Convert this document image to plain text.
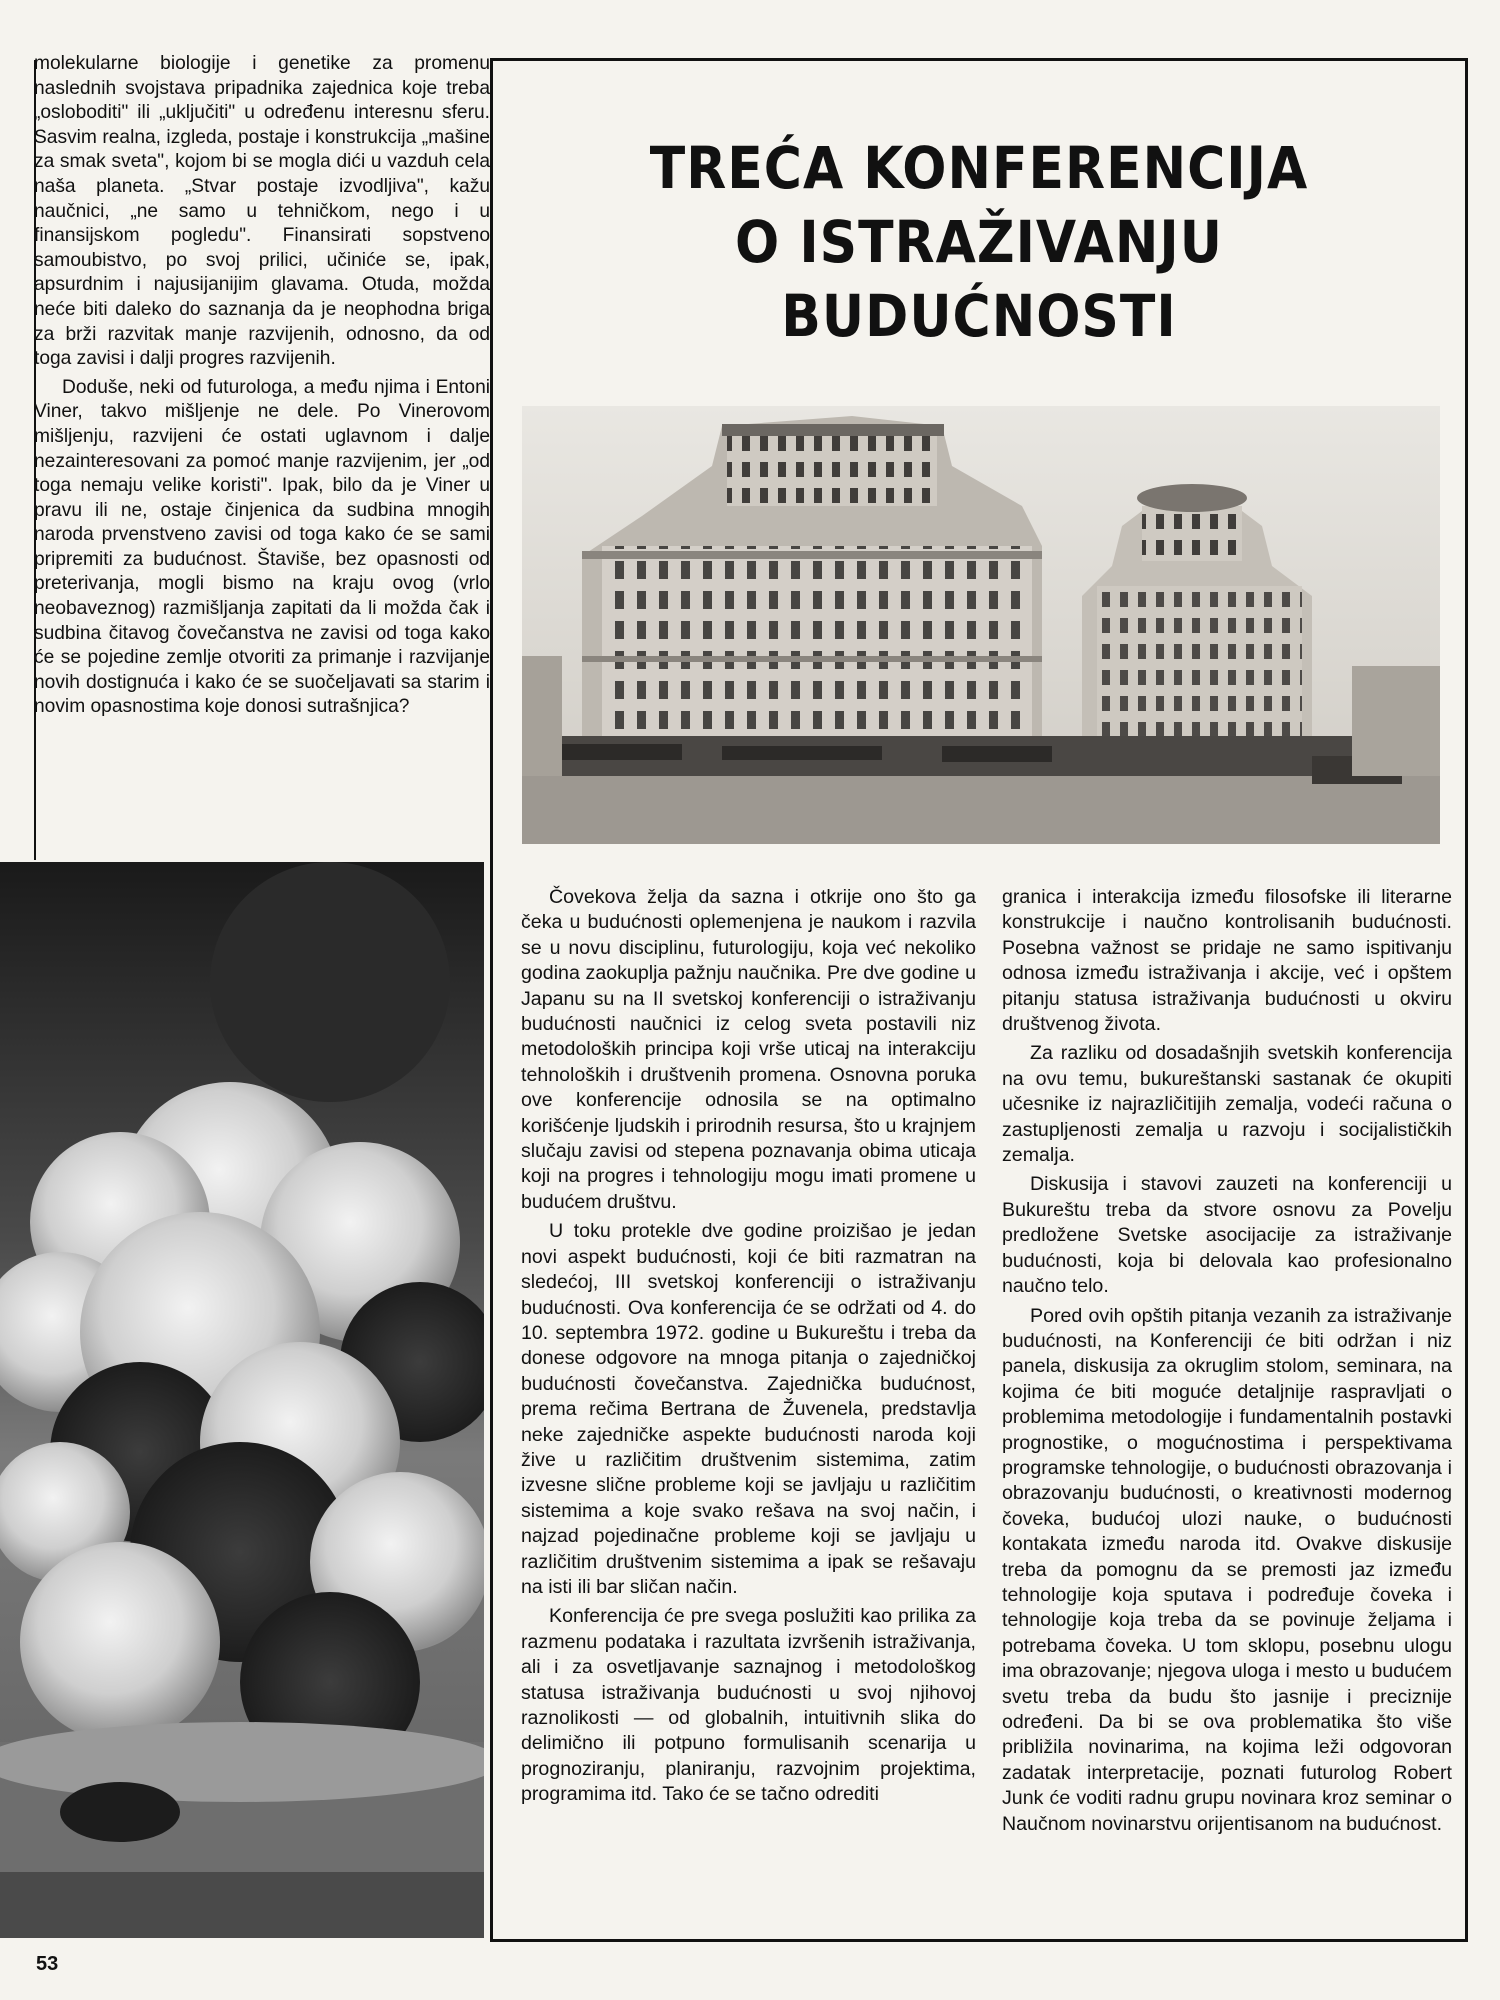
molekularne biologije i genetike za promenu naslednih svojstava pripadnika zajednica koje treba „osloboditi" ili „uključiti" u određenu interesnu sferu. Sasvim realna, izgleda, postaje i konstrukcija „mašine za smak sveta", kojom bi se mogla dići u vazduh cela naša planeta. „Stvar postaje izvodljiva", kažu naučnici, „ne samo u tehničkom, nego i u finansijskom pogledu". Finansirati sopstveno samoubistvo, po svoj prilici, učiniće se, ipak, apsurdnim i najusijanijim glavama. Otuda, možda neće biti daleko do saznanja da je neophodna briga za brži razvitak manje razvijenih, odnosno, da od toga zavisi i dalji progres razvijenih.

Doduše, neki od futurologa, a među njima i Entoni Viner, takvo mišljenje ne dele. Po Vinerovom mišljenju, razvijeni će ostati uglavnom i dalje nezainteresovani za pomoć manje razvijenim, jer „od toga nemaju velike koristi". Ipak, bilo da je Viner u pravu ili ne, ostaje činjenica da sudbina mnogih naroda prvenstveno zavisi od toga kako će se sami pripremiti za budućnost. Štaviše, bez opasnosti od preterivanja, mogli bismo na kraju ovog (vrlo neobaveznog) razmišljanja zapitati da li možda čak i sudbina čitavog čovečanstva ne zavisi od toga kako će se pojedine zemlje otvoriti za primanje i razvijanje novih dostignuća i kako će se suočeljavati sa starim i novim opasnostima koje donosi sutrašnjica?

TREĆA KONFERENCIJA
O ISTRAŽIVANJU
BUDUĆNOSTI

Čovekova želja da sazna i otkrije ono što ga čeka u budućnosti oplemenjena je naukom i razvila se u novu disciplinu, futurologiju, koja već nekoliko godina zaokuplja pažnju naučnika. Pre dve godine u Japanu su na II svetskoj konferenciji o istraživanju budućnosti naučnici iz celog sveta postavili niz metodoloških principa koji vrše uticaj na interakciju tehnoloških i društvenih promena. Osnovna poruka ove konferencije odnosila se na optimalno korišćenje ljudskih i prirodnih resursa, što u krajnjem slučaju zavisi od stepena poznavanja obima uticaja koji na progres i tehnologiju mogu imati promene u budućem društvu.

U toku protekle dve godine proizišao je jedan novi aspekt budućnosti, koji će biti razmatran na sledećoj, III svetskoj konferenciji o istraživanju budućnosti. Ova konferencija će se održati od 4. do 10. septembra 1972. godine u Bukureštu i treba da donese odgovore na mnoga pitanja o zajedničkoj budućnosti čovečanstva. Zajednička budućnost, prema rečima Bertrana de Žuvenela, predstavlja neke zajedničke aspekte budućnosti naroda koji žive u različitim društvenim sistemima, zatim izvesne slične probleme koji se javljaju u različitim sistemima a koje svako rešava na svoj način, i najzad pojedinačne probleme koji se javljaju u različitim društvenim sistemima a ipak se rešavaju na isti ili bar sličan način.

Konferencija će pre svega poslužiti kao prilika za razmenu podataka i razultata izvršenih istraživanja, ali i za osvetljavanje saznajnog i metodološkog statusa istraživanja budućnosti u svoj njihovoj raznolikosti — od globalnih, intuitivnih slika do delimično ili potpuno formulisanih scenarija u prognoziranju, planiranju, razvojnim projektima, programima itd. Tako će se tačno odrediti

granica i interakcija između filosofske ili literarne konstrukcije i naučno kontrolisanih budućnosti. Posebna važnost se pridaje ne samo ispitivanju odnosa između istraživanja i akcije, već i opštem pitanju statusa istraživanja budućnosti u okviru društvenog života.

Za razliku od dosadašnjih svetskih konferencija na ovu temu, bukureštanski sastanak će okupiti učesnike iz najrazličitijih zemalja, vodeći računa o zastupljenosti zemalja u razvoju i socijalističkih zemalja.

Diskusija i stavovi zauzeti na konferenciji u Bukureštu treba da stvore osnovu za Povelju predložene Svetske asocijacije za istraživanje budućnosti, koja bi delovala kao profesionalno naučno telo.

Pored ovih opštih pitanja vezanih za istraživanje budućnosti, na Konferenciji će biti održan i niz panela, diskusija za okruglim stolom, seminara, na kojima će biti moguće detaljnije raspravljati o problemima metodologije i fundamentalnih postavki prognostike, o mogućnostima i perspektivama programske tehnologije, o budućnosti obrazovanja i obrazovanju budućnosti, o kreativnosti modernog čoveka, budućoj ulozi nauke, o budućnosti kontakata između naroda itd. Ovakve diskusije treba da pomognu da se premosti jaz između tehnologije koja sputava i podređuje čoveka i tehnologije koja treba da se povinuje željama i potrebama čoveka. U tom sklopu, posebnu ulogu ima obrazovanje; njegova uloga i mesto u budućem svetu treba da budu što jasnije i preciznije određeni. Da bi se ova problematika što više približila novinarima, na kojima leži odgovoran zadatak interpretacije, poznati futurolog Robert Junk će voditi radnu grupu novinara kroz seminar o Naučnom novinarstvu orijentisanom na budućnost.

53
